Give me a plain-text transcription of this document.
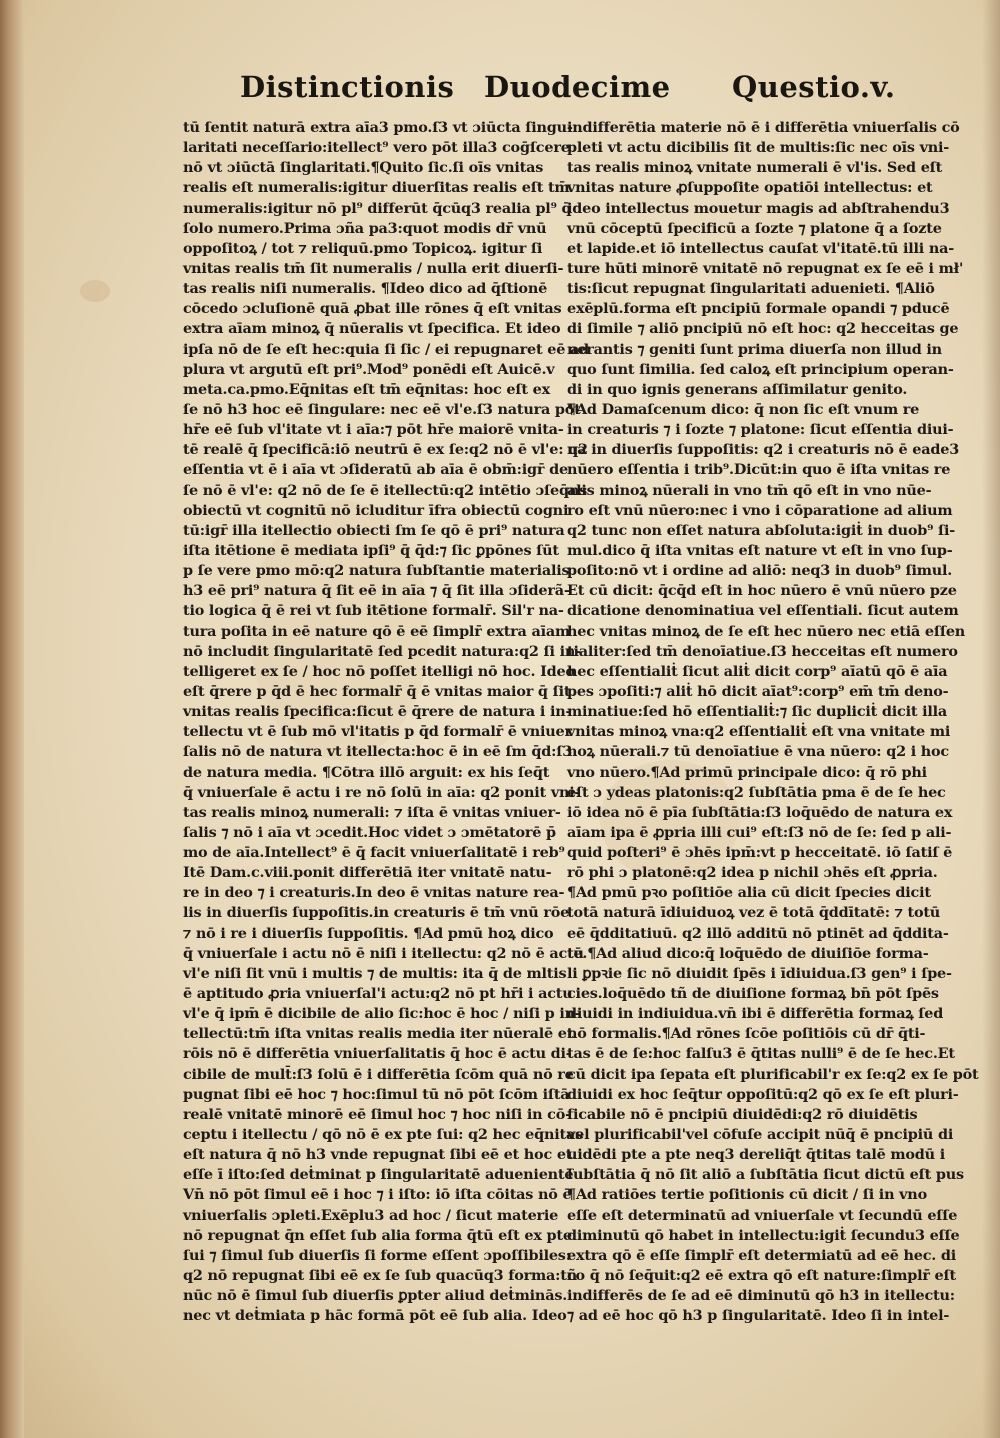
Distinctionis Duodecime Questio.v.
tū ſentit naturā extra aīa3 pmo.ſ3 vt ɔiūcta ſingu-
laritati neceſſario:itellect⁹ vero pōt illa3 coḡſcere
nō vt ɔiūctā ſinglaritati.¶Quito ſic.ſi oīs vnitas
realis eſt numeralis:igitur diuerſitas realis eſt tm̄
numeralis:igitur nō pl⁹ differūt q̄cūq3 realia pl⁹ q̄
ſolo numero.Prima ɔña pa3:quot modis dr̄ vnū
oppoſitoꝝ / tot ⁊ reliquū.pmo Topicoꝝ. igitur ſi
vnitas realis tm̄ ſit numeralis / nulla erit diuerſi-
tas realis niſi numeralis. ¶Ideo dico ad q̄ſtionē
cōcedo ɔcluſionē quā ꝓbat ille rōnes q̄ eſt vnitas
extra aīam minoꝝ q̄ nūeralis vt ſpecifica. Et ideo
ipſa nō de ſe eſt hec:quia ſi ſic / ei repugnaret eē ad
plura vt argutū eſt pri⁹.Mod⁹ ponēdi eſt Auicē.v
meta.ca.pmo.Eq̄nitas eſt tm̄ eq̄nitas: hoc eſt ex
ſe nō h3 hoc eē ſingulare: nec eē vl'e.ſ3 natura pōt
hr̄e eē ſub vl'itate vt i aīa:⁊ pōt hr̄e maiorē vnita-
tē realē q̄ ſpecificā:iō neutrū ē ex ſe:q2 nō ē vl'e: q2
eſſentia vt ē i aīa vt ɔſideratū ab aīa ē obm̄:igr̄ de
ſe nō ē vl'e: q2 nō de ſe ē itellectū:q2 intētio ɔſeq̄ns
obiectū vt cognitū nō icluditur īfra obiectū cogni
tū:igr̄ illa itellectio obiecti ſm ſe qō ē pri⁹ natura
iſta itētione ē mediata ipſi⁹ q̄ q̄d:⁊ ſic ꝑpōnes ſūt
p ſe vere pmo mō:q2 natura ſubſtantie materialis
h3 eē pri⁹ natura q̄ ſit eē in aīa ⁊ q̄ ſit illa ɔſiderã-
tio logica q̄ ē rei vt ſub itētione formalr̄. Sil'r na-
tura poſita in eē nature qō ē eē ſimplr̄ extra aīam
nō includit ſingularitatē ſed pcedit natura:q2 ſi in-
telligeret ex ſe / hoc nō poſſet itelligi nō hoc. Ideo
eſt q̄rere p q̄d ē hec formalr̄ q̄ ē vnitas maior q̄ ſit
vnitas realis ſpecifica:ſicut ē q̄rere de natura i in-
tellectu vt ē ſub mō vl'itatis p q̄d formalr̄ ē vniuer
ſalis nō de natura vt itellecta:hoc ē in eē ſm q̄d:ſ3
de natura media. ¶Cōtra illō arguit: ex his ſeq̄t
q̄ vniuerſale ē actu i re nō ſolū in aīa: q2 ponit vni-
tas realis minoꝝ numerali: ⁊ iſta ē vnitas vniuer-
ſalis ⁊ nō i aīa vt ɔcedit.Hoc videt ɔ ɔmētatorē p̄
mo de aīa.Intellect⁹ ē q̄ facit vniuerſalitatē i reb⁹
Itē Dam.c.viii.ponit differētiā iter vnitatē natu-
re in deo ⁊ i creaturis.In deo ē vnitas nature rea-
lis in diuerſis ſuppoſitis.in creaturis ē tm̄ vnū rōe
⁊ nō i re i diuerſis ſuppoſitis. ¶Ad pmū hoꝝ dico
q̄ vniuerſale i actu nō ē niſi i itellectu: q2 nō ē actu
vl'e niſi ſit vnū i multis ⁊ de multis: ita q̄ de mltis
ē aptitudo ꝓria vniuerſal'i actu:q2 nō pt hr̄i i actu
vl'e q̄ ipm̄ ē dicibile de alio ſic:hoc ē hoc / niſi p in-
tellectū:tm̄ iſta vnitas realis media iter nūeralē et
rōis nō ē differētia vniuerſalitatis q̄ hoc ē actu di-
cibile de mult̄:ſ3 ſolū ē i differētia ſcōm quā nō re
pugnat ſibi eē hoc ⁊ hoc:ſimul tū nō pōt ſcōm iſtā
realē vnitatē minorē eē ſimul hoc ⁊ hoc niſi in cō-
ceptu i itellectu / qō nō ē ex pte ſui: q2 hec eq̄nitas
eſt natura q̄ nō h3 vnde repugnat ſibi eē et hoc et
eſſe ī iſto:ſed deṫminat p ſingularitatē aduenientē
Vn̄ nō pōt ſimul eē i hoc ⁊ i iſto: iō iſta cōitas nō ē
vniuerſalis ɔpleti.Exēplu3 ad hoc / ſicut materie
nō repugnat q̄n eſſet ſub alia forma q̄tū eſt ex pte
ſui ⁊ ſimul ſub diuerſis ſi forme eſſent ɔpoſſibiles:
q2 nō repugnat ſibi eē ex ſe ſub quacūq3 forma:tñ
nūc nō ē ſimul ſub diuerſis ꝑpter aliud deṫminās.
nec vt deṫmiata p hāc formā pōt eē ſub alia. Ideo
indifferētia materie nō ē i differētia vniuerſalis cō
pleti vt actu dicibilis ſit de multis:ſic nec oīs vni-
tas realis minoꝝ vnitate numerali ē vl'is. Sed eſt
vnitas nature ꝓſuppoſite opatiōi intellectus: et
ideo intellectus mouetur magis ad abſtrahendu3
vnū cōceptū ſpecificū a ſozte ⁊ platone q̄ a ſozte
et lapide.et iō intellectus cauſat vl'itatē.tū illi na-
ture hūti minorē vnitatē nō repugnat ex ſe eē i mł'
tis:ſicut repugnat ſingularitati aduenieti. ¶Aliō
exēplū.forma eſt pncipiū formale opandi ⁊ pducē
di ſimile ⁊ aliō pncipiū nō eſt hoc: q2 hecceitas ge
nerantis ⁊ geniti ſunt prima diuerſa non illud in
quo ſunt ſimilia. ſed caloꝝ eſt principium operan-
di in quo ignis generans aſſimilatur genito.
¶Ad Damaſcenum dico: q̄ non ſic eſt vnum re
in creaturis ⁊ i ſozte ⁊ platone: ſicut eſſentia diui-
na in diuerſis ſuppoſitis: q2 i creaturis nō ē eade3
nūero eſſentia i trib⁹.Dicūt:in quo ē iſta vnitas re
alis minoꝝ nūerali in vno tm̄ qō eſt in vno nūe-
ro eſt vnū nūero:nec i vno i cōparatione ad alium
q2 tunc non eſſet natura abſoluta:igiṫ in duob⁹ ſi-
mul.dico q̄ iſta vnitas eſt nature vt eſt in vno ſup-
poſito:nō vt i ordine ad aliō: neq3 in duob⁹ ſimul.
Et cū dicit: q̄cq̄d eſt in hoc nūero ē vnū nūero pze
dicatione denominatiua vel eſſentiali. ſicut autem
hec vnitas minoꝝ de ſe eſt hec nūero nec etiā eſſen
tialiter:ſed tm̄ denoīatiue.ſ3 hecceitas eſt numero
hec eſſentialiṫ ſicut aliṫ dicit corp⁹ aīatū qō ē aīa
pes ɔpoſiti:⁊ aliṫ hō dicit aīat⁹:corp⁹ em̄ tm̄ deno-
minatiue:ſed hō eſſentialiṫ:⁊ ſic dupliciṫ dicit illa
vnitas minoꝝ vna:q2 eſſentialiṫ eſt vna vnitate mi
noꝝ nūerali.⁊ tū denoīatiue ē vna nūero: q2 i hoc
vno nūero.¶Ad primū principale dico: q̄ rō phi
eſt ɔ ydeas platonis:q2 ſubſtātia pma ē de ſe hec
iō idea nō ē pīa ſubſtātia:ſ3 loq̄uēdo de natura ex
aīam ipa ē ꝓpria illi cui⁹ eſt:ſ3 nō de ſe: ſed p ali-
quid poſteri⁹ ē ɔhēs ipm̄:vt p hecceitatē. iō ſatiſ ē
rō phi ɔ platonē:q2 idea p nichil ɔhēs eſt ꝓpria.
¶Ad pmū pꝛo poſitiōe alia cū dicit ſpecies dicit
totā naturā īdiuiduoꝝ vez ē totā q̄ddītatē: ⁊ totū
eē q̄dditatiuū. q2 illō additū nō ptinēt ad q̄ddita-
tē.¶Ad aliud dico:q̄ loq̄uēdo de diuiſiōe forma-
li ꝑpꝛie ſic nō diuidit ſpēs i īdiuidua.ſ3 gen⁹ i ſpe-
cies.loq̄uēdo tñ de diuiſione formaꝝ bn̄ pōt ſpēs
diuidi in indiuidua.vn̄ ibi ē differētia formaꝝ ſed
nō formalis.¶Ad rōnes ſcōe poſitiōis cū dr̄ q̄ti-
tas ē de ſe:hoc falſu3 ē q̄titas nulli⁹ ē de ſe hec.Et
cū dicit ipa ſepata eſt plurificabil'r ex ſe:q2 ex ſe pōt
diuidi ex hoc ſeq̄tur oppoſitū:q2 qō ex ſe eſt pluri-
ficabile nō ē pncipiū diuidēdi:q2 rō diuidētis
vel plurificabil'vel cōfuſe accipit nūq̄ ē pncipiū di
uidēdi pte a pte neq3 dereliq̄t q̄titas talē modū i
ſubſtātia q̄ nō ſit aliō a ſubſtātia ſicut dictū eſt pus
¶Ad ratiōes tertie poſitionis cū dicit / ſi in vno
eſſe eſt determinatū ad vniuerſale vt ſecundū eſſe
diminutū qō habet in intellectu:igiṫ ſecundu3 eſſe
extra qō ē eſſe ſimplr̄ eſt determiatū ad eē hec. di
co q̄ nō ſeq̄uit:q2 eē extra qō eſt nature:ſimplr̄ eſt
indifferēs de ſe ad eē diminutū qō h3 in itellectu:
⁊ ad eē hoc qō h3 p ſingularitatē. Ideo ſi in intel-
